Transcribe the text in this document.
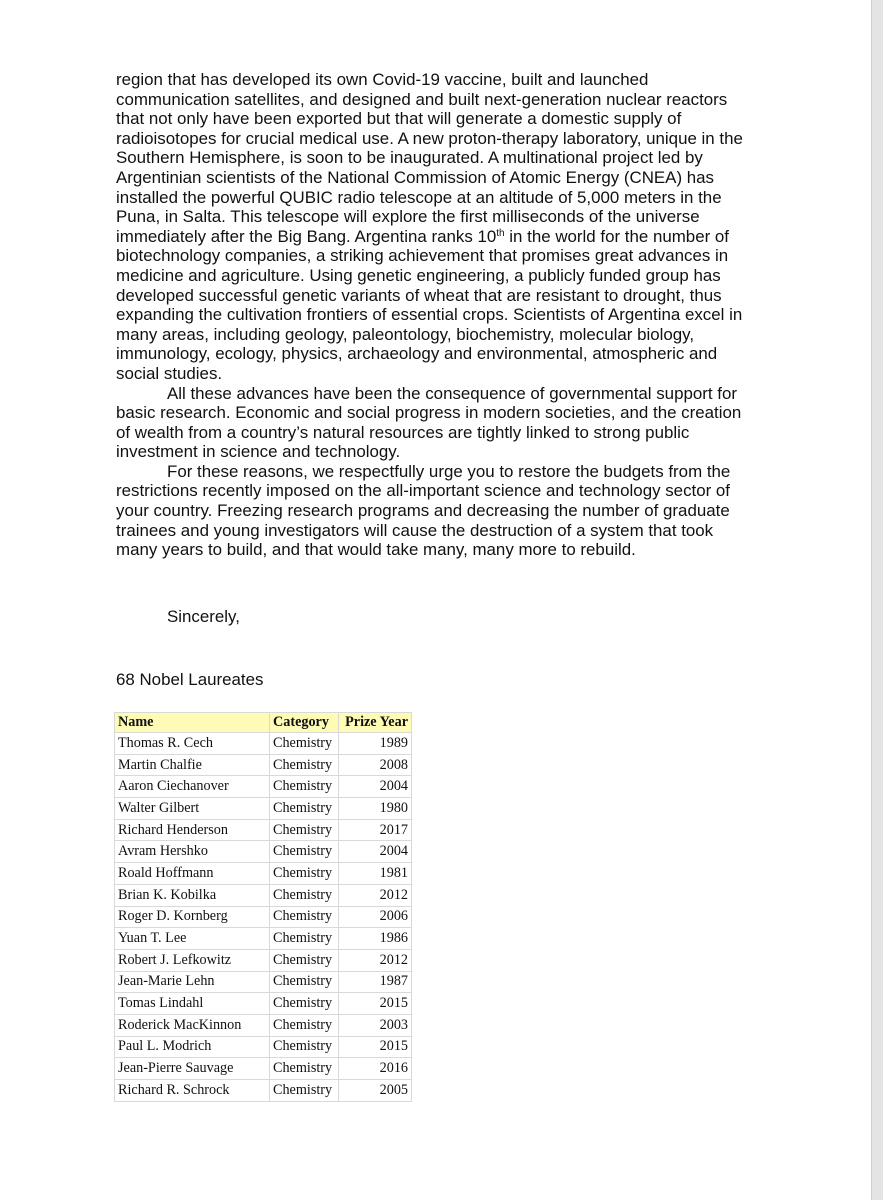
region that has developed its own Covid-19 vaccine, built and launched
communication satellites, and designed and built next-generation nuclear reactors
that not only have been exported but that will generate a domestic supply of
radioisotopes for crucial medical use. A new proton-therapy laboratory, unique in the
Southern Hemisphere, is soon to be inaugurated. A multinational project led by
Argentinian scientists of the National Commission of Atomic Energy (CNEA) has
installed the powerful QUBIC radio telescope at an altitude of 5,000 meters in the
Puna, in Salta. This telescope will explore the first milliseconds of the universe
immediately after the Big Bang. Argentina ranks 10th in the world for the number of
biotechnology companies, a striking achievement that promises great advances in
medicine and agriculture. Using genetic engineering, a publicly funded group has
developed successful genetic variants of wheat that are resistant to drought, thus
expanding the cultivation frontiers of essential crops. Scientists of Argentina excel in
many areas, including geology, paleontology, biochemistry, molecular biology,
immunology, ecology, physics, archaeology and environmental, atmospheric and
social studies.
All these advances have been the consequence of governmental support for
basic research. Economic and social progress in modern societies, and the creation
of wealth from a country’s natural resources are tightly linked to strong public
investment in science and technology.
For these reasons, we respectfully urge you to restore the budgets from the
restrictions recently imposed on the all-important science and technology sector of
your country. Freezing research programs and decreasing the number of graduate
trainees and young investigators will cause the destruction of a system that took
many years to build, and that would take many, many more to rebuild.
Sincerely,
68 Nobel Laureates
Name	Category	Prize Year
Thomas R. Cech	Chemistry	1989
Martin Chalfie	Chemistry	2008
Aaron Ciechanover	Chemistry	2004
Walter Gilbert	Chemistry	1980
Richard Henderson	Chemistry	2017
Avram Hershko	Chemistry	2004
Roald Hoffmann	Chemistry	1981
Brian K. Kobilka	Chemistry	2012
Roger D. Kornberg	Chemistry	2006
Yuan T. Lee	Chemistry	1986
Robert J. Lefkowitz	Chemistry	2012
Jean-Marie Lehn	Chemistry	1987
Tomas Lindahl	Chemistry	2015
Roderick MacKinnon	Chemistry	2003
Paul L. Modrich	Chemistry	2015
Jean-Pierre Sauvage	Chemistry	2016
Richard R. Schrock	Chemistry	2005
